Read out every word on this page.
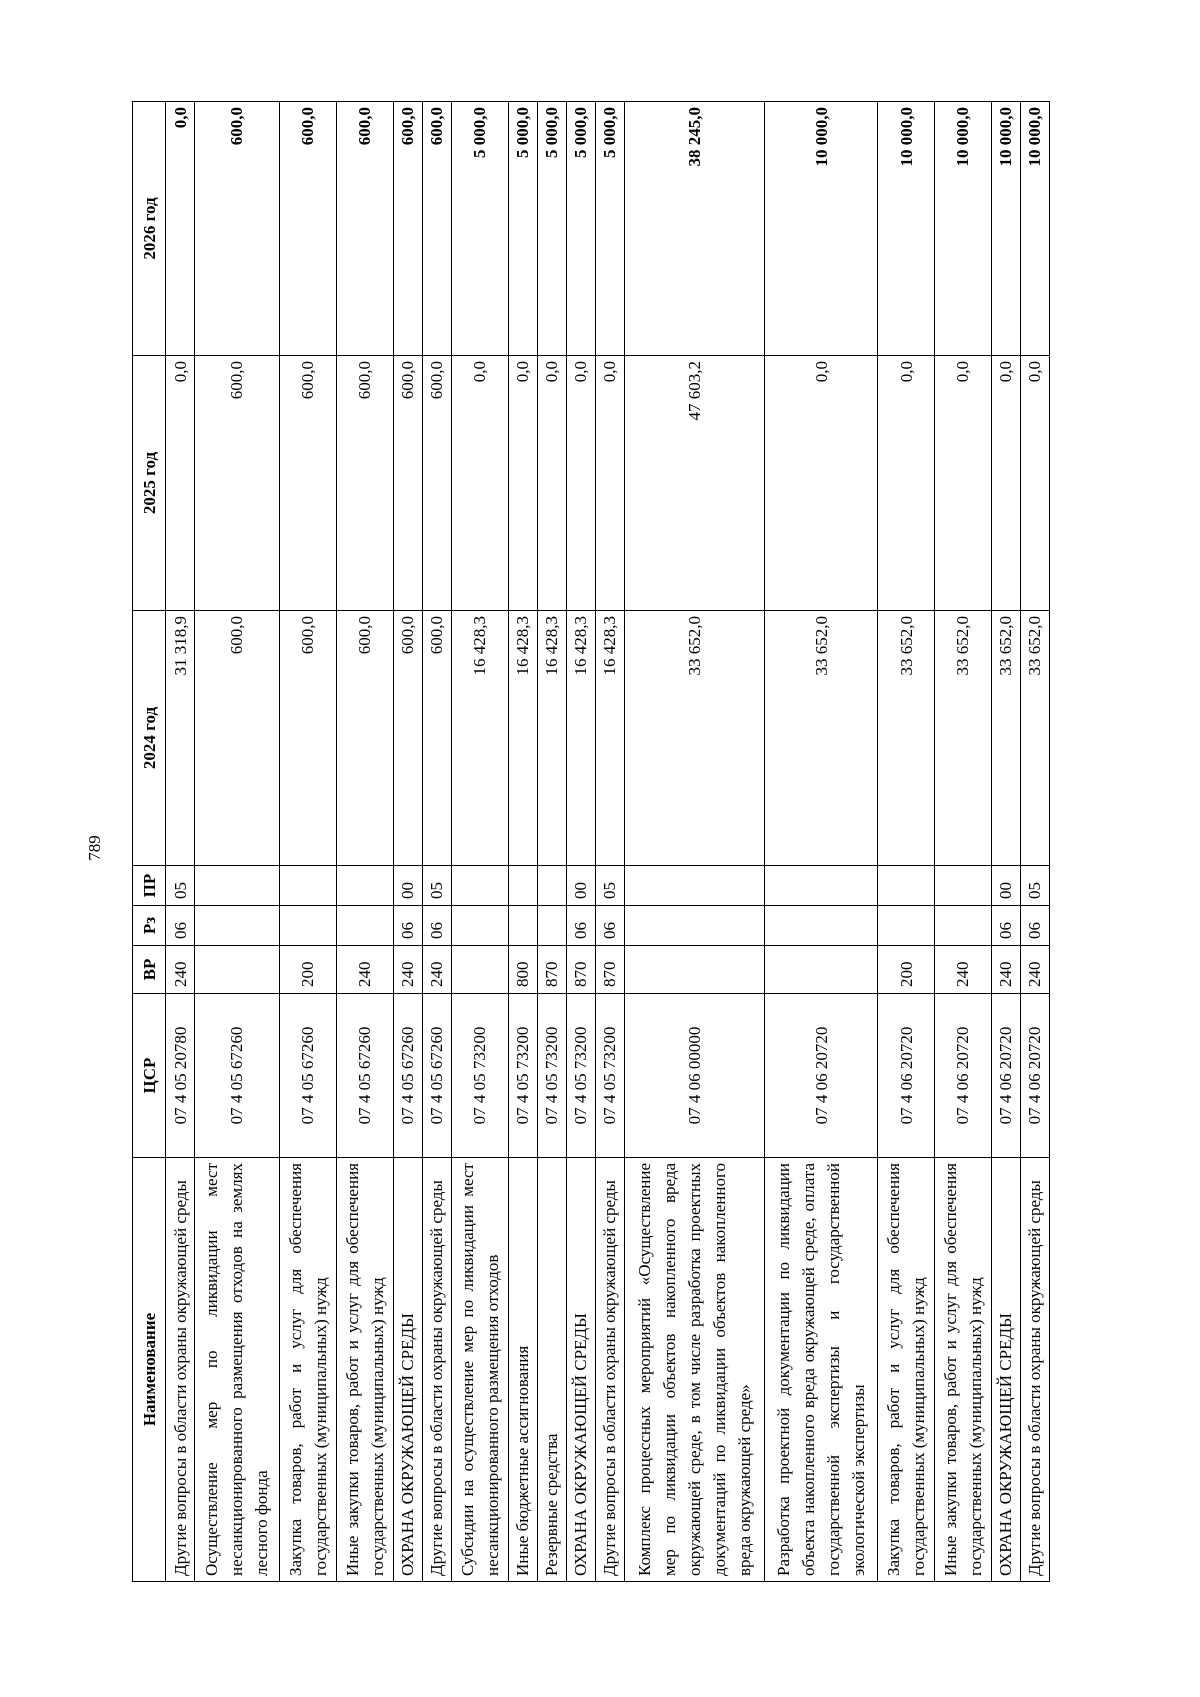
789
Наименование	ЦСР	ВР	Рз	ПР	2024 год	2025 год	2026 год
Другие вопросы в области охраны окружающей среды	07 4 05 20780	240	06	05	31 318,9	0,0	0,0
Осуществление мер по ликвидации мест несанкционированного размещения отходов на землях лесного фонда	07 4 05 67260				600,0	600,0	600,0
Закупка товаров, работ и услуг для обеспечения государственных (муниципальных) нужд	07 4 05 67260	200			600,0	600,0	600,0
Иные закупки товаров, работ и услуг для обеспечения государственных (муниципальных) нужд	07 4 05 67260	240			600,0	600,0	600,0
ОХРАНА ОКРУЖАЮЩЕЙ СРЕДЫ	07 4 05 67260	240	06	00	600,0	600,0	600,0
Другие вопросы в области охраны окружающей среды	07 4 05 67260	240	06	05	600,0	600,0	600,0
Субсидии на осуществление мер по ликвидации мест несанкционированного размещения отходов	07 4 05 73200				16 428,3	0,0	5 000,0
Иные бюджетные ассигнования	07 4 05 73200	800			16 428,3	0,0	5 000,0
Резервные средства	07 4 05 73200	870			16 428,3	0,0	5 000,0
ОХРАНА ОКРУЖАЮЩЕЙ СРЕДЫ	07 4 05 73200	870	06	00	16 428,3	0,0	5 000,0
Другие вопросы в области охраны окружающей среды	07 4 05 73200	870	06	05	16 428,3	0,0	5 000,0
Комплекс процессных мероприятий «Осуществление мер по ликвидации объектов накопленного вреда окружающей среде, в том числе разработка проектных документаций по ликвидации объектов накопленного вреда окружающей среде»	07 4 06 00000				33 652,0	47 603,2	38 245,0
Разработка проектной документации по ликвидации объекта накопленного вреда окружающей среде, оплата государственной экспертизы и государственной экологической экспертизы	07 4 06 20720				33 652,0	0,0	10 000,0
Закупка товаров, работ и услуг для обеспечения государственных (муниципальных) нужд	07 4 06 20720	200			33 652,0	0,0	10 000,0
Иные закупки товаров, работ и услуг для обеспечения государственных (муниципальных) нужд	07 4 06 20720	240			33 652,0	0,0	10 000,0
ОХРАНА ОКРУЖАЮЩЕЙ СРЕДЫ	07 4 06 20720	240	06	00	33 652,0	0,0	10 000,0
Другие вопросы в области охраны окружающей среды	07 4 06 20720	240	06	05	33 652,0	0,0	10 000,0
